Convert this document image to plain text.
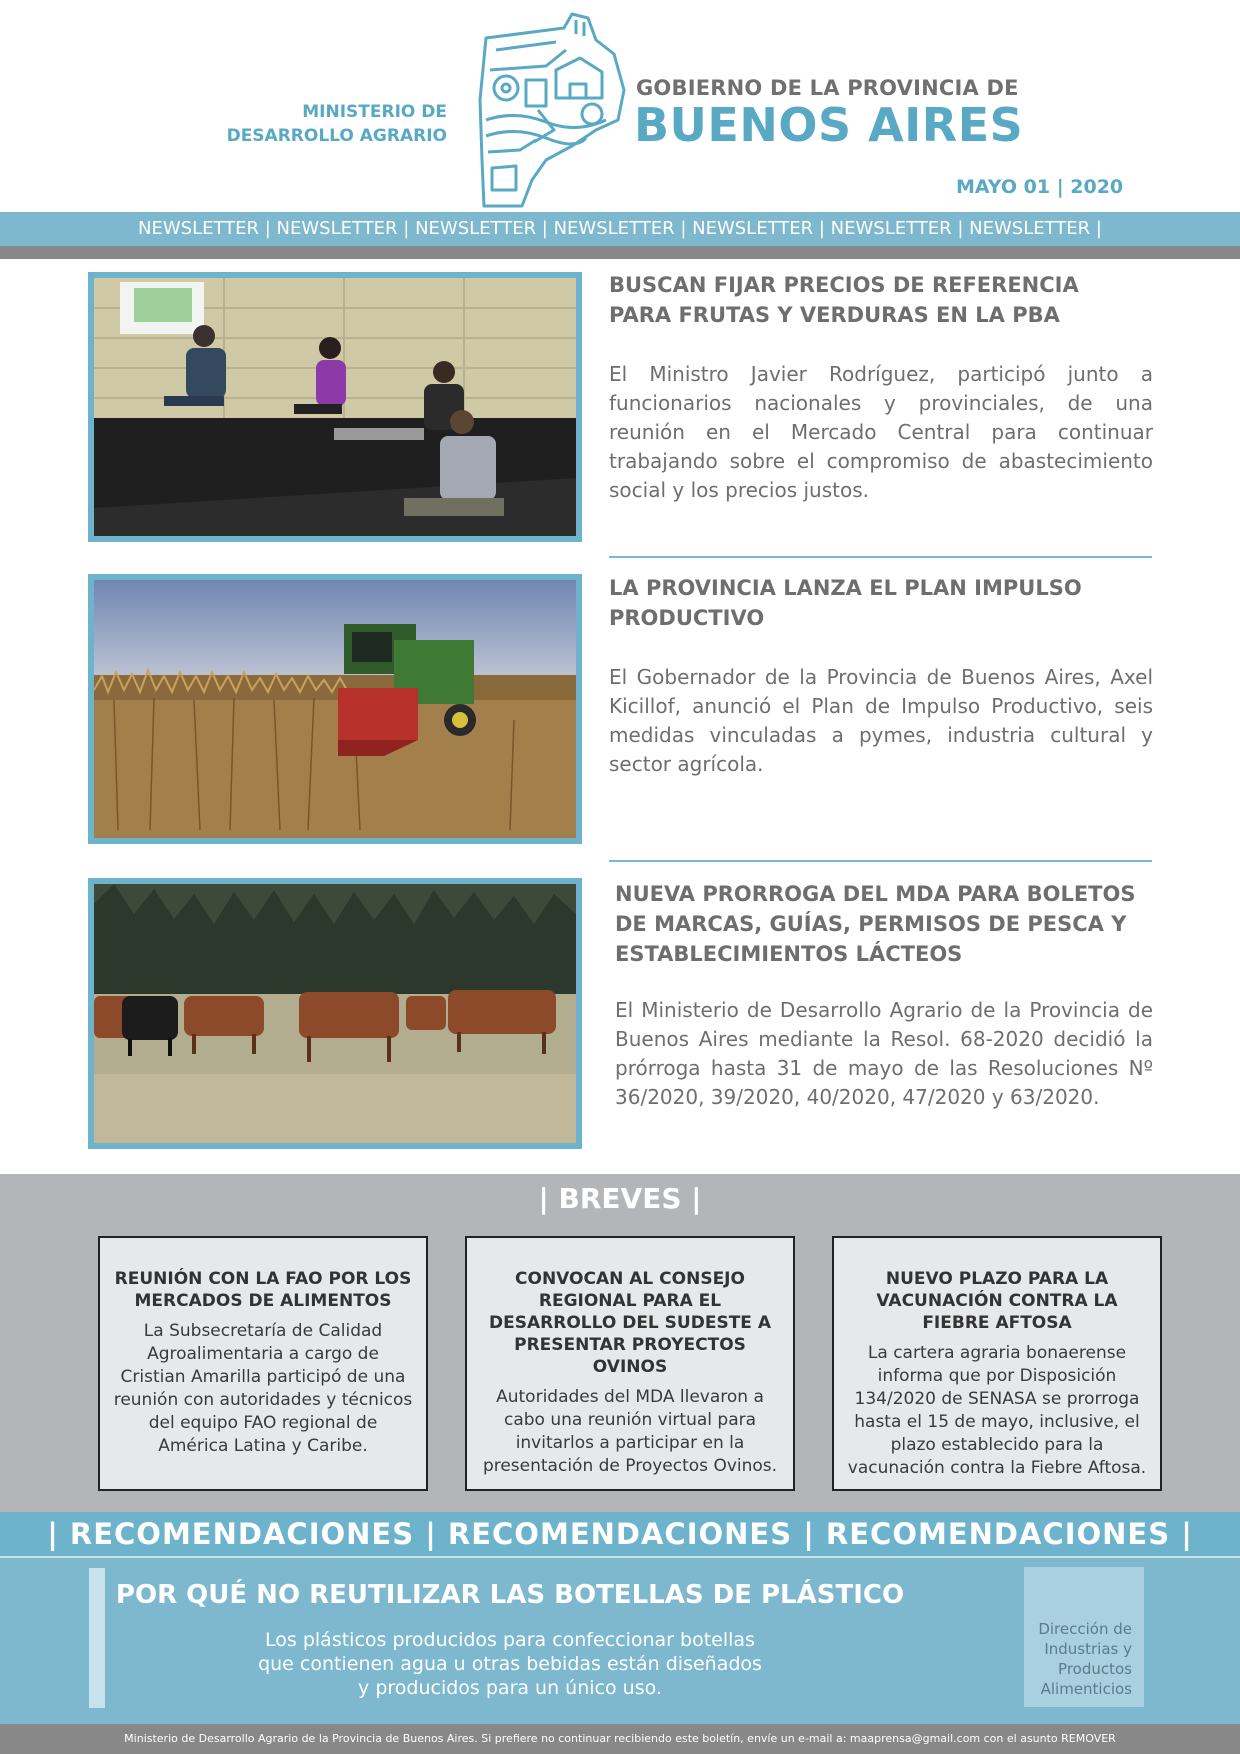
MINISTERIO DE
DESARROLLO AGRARIO
GOBIERNO DE LA PROVINCIA DE
BUENOS AIRES
MAYO 01 | 2020
NEWSLETTER | NEWSLETTER | NEWSLETTER | NEWSLETTER | NEWSLETTER | NEWSLETTER | NEWSLETTER |
BUSCAN FIJAR PRECIOS DE REFERENCIA
PARA FRUTAS Y VERDURAS EN LA PBA
El Ministro Javier Rodríguez, participó junto a funcionarios nacionales y provinciales, de una reunión en el Mercado Central para continuar trabajando sobre el compromiso de abastecimiento social y los precios justos.
LA PROVINCIA LANZA EL PLAN IMPULSO
PRODUCTIVO
El Gobernador de la Provincia de Buenos Aires, Axel Kicillof, anunció el Plan de Impulso Productivo, seis medidas vinculadas a pymes, industria cultural y sector agrícola.
NUEVA PRORROGA DEL MDA PARA BOLETOS
DE MARCAS, GUÍAS, PERMISOS DE PESCA Y
ESTABLECIMIENTOS LÁCTEOS
El Ministerio de Desarrollo Agrario de la Provincia de Buenos Aires mediante la Resol. 68-2020 decidió la prórroga hasta 31 de mayo de las Resoluciones Nº 36/2020, 39/2020, 40/2020, 47/2020 y 63/2020.
| BREVES |
REUNIÓN CON LA FAO POR LOS MERCADOS DE ALIMENTOS

La Subsecretaría de Calidad Agroalimentaria a cargo de Cristian Amarilla participó de una reunión con autoridades y técnicos del equipo FAO regional de América Latina y Caribe.

CONVOCAN AL CONSEJO REGIONAL PARA EL DESARROLLO DEL SUDESTE A PRESENTAR PROYECTOS OVINOS

Autoridades del MDA llevaron a cabo una reunión virtual para invitarlos a participar en la presentación de Proyectos Ovinos.

NUEVO PLAZO PARA LA VACUNACIÓN CONTRA LA FIEBRE AFTOSA

La cartera agraria bonaerense informa que por Disposición 134/2020 de SENASA se prorroga hasta el 15 de mayo, inclusive, el plazo establecido para la vacunación contra la Fiebre Aftosa.

| RECOMENDACIONES | RECOMENDACIONES | RECOMENDACIONES |
POR QUÉ NO REUTILIZAR LAS BOTELLAS DE PLÁSTICO
Los plásticos producidos para confeccionar botellas que contienen agua u otras bebidas están diseñados y producidos para un único uso.
Dirección de Industrias y Productos Alimenticios
Ministerio de Desarrollo Agrario de la Provincia de Buenos Aires. Si prefiere no continuar recibiendo este boletín, envíe un e-mail a: maaprensa@gmail.com con el asunto REMOVER
